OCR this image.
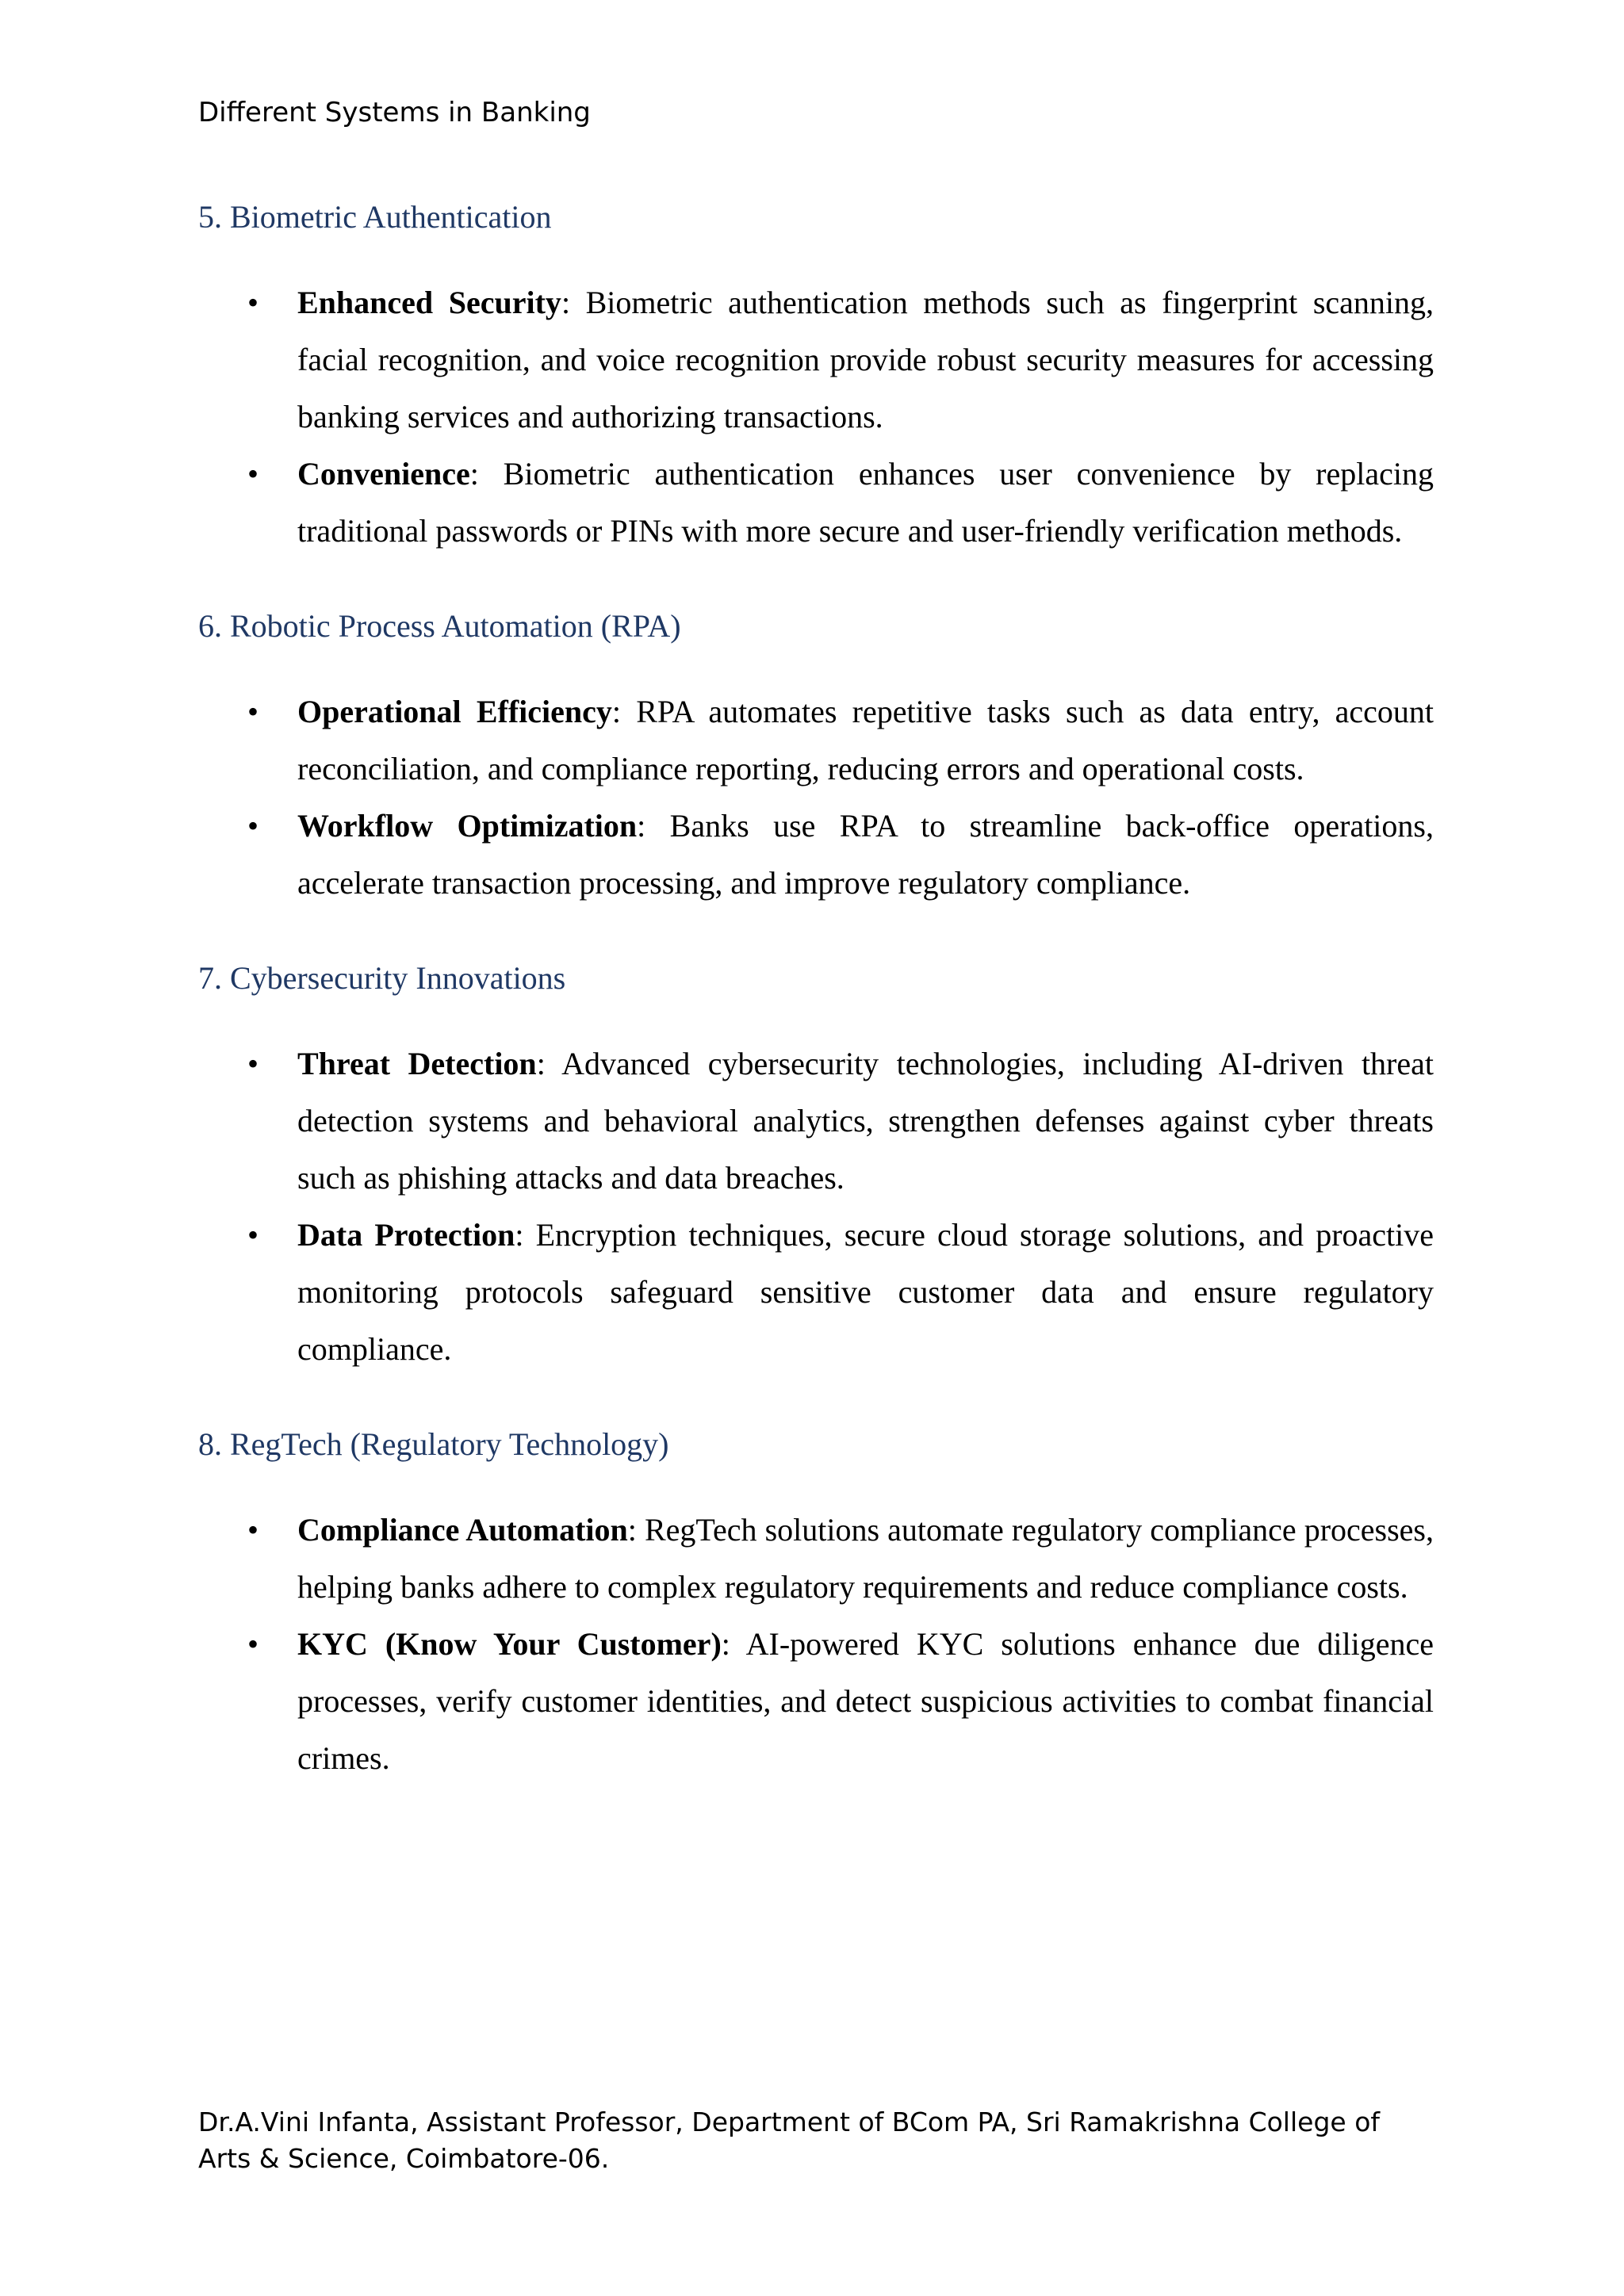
Different Systems in Banking
5. Biometric Authentication
• Enhanced Security: Biometric authentication methods such as fingerprint scanning, facial recognition, and voice recognition provide robust security measures for accessing banking services and authorizing transactions.
• Convenience: Biometric authentication enhances user convenience by replacing traditional passwords or PINs with more secure and user-friendly verification methods.
6. Robotic Process Automation (RPA)
• Operational Efficiency: RPA automates repetitive tasks such as data entry, account reconciliation, and compliance reporting, reducing errors and operational costs.
• Workflow Optimization: Banks use RPA to streamline back-office operations, accelerate transaction processing, and improve regulatory compliance.
7. Cybersecurity Innovations
• Threat Detection: Advanced cybersecurity technologies, including AI-driven threat detection systems and behavioral analytics, strengthen defenses against cyber threats such as phishing attacks and data breaches.
• Data Protection: Encryption techniques, secure cloud storage solutions, and proactive monitoring protocols safeguard sensitive customer data and ensure regulatory compliance.
8. RegTech (Regulatory Technology)
• Compliance Automation: RegTech solutions automate regulatory compliance processes, helping banks adhere to complex regulatory requirements and reduce compliance costs.
• KYC (Know Your Customer): AI-powered KYC solutions enhance due diligence processes, verify customer identities, and detect suspicious activities to combat financial crimes.
Dr.A.Vini Infanta, Assistant Professor, Department of BCom PA, Sri Ramakrishna College of Arts & Science, Coimbatore-06.
